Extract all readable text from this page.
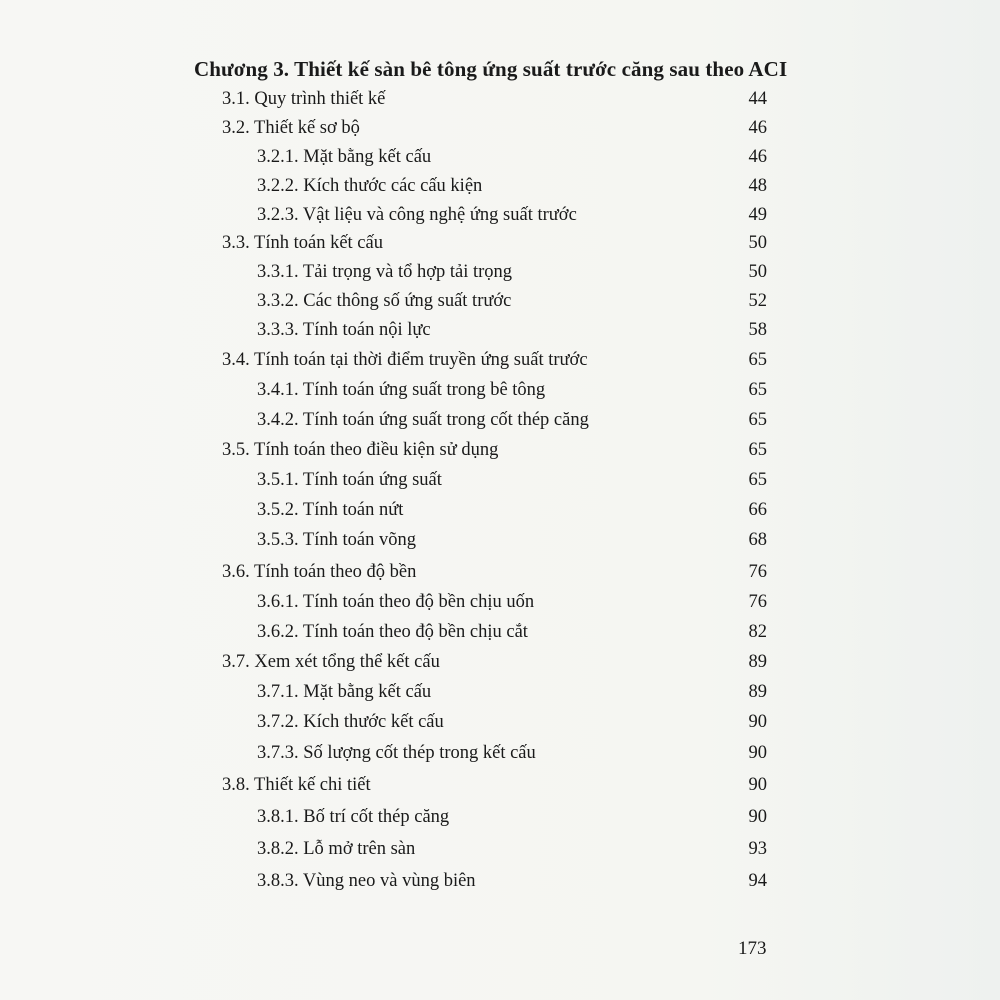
Chương 3. Thiết kế sàn bê tông ứng suất trước căng sau theo ACI
3.1. Quy trình thiết kế	44
3.2. Thiết kế sơ bộ	46
3.2.1. Mặt bằng kết cấu	46
3.2.2. Kích thước các cấu kiện	48
3.2.3. Vật liệu và công nghệ ứng suất trước	49
3.3. Tính toán kết cấu	50
3.3.1. Tải trọng và tổ hợp tải trọng	50
3.3.2. Các thông số ứng suất trước	52
3.3.3. Tính toán nội lực	58
3.4. Tính toán tại thời điểm truyền ứng suất trước	65
3.4.1. Tính toán ứng suất trong bê tông	65
3.4.2. Tính toán ứng suất trong cốt thép căng	65
3.5. Tính toán theo điều kiện sử dụng	65
3.5.1. Tính toán ứng suất	65
3.5.2. Tính toán nứt	66
3.5.3. Tính toán võng	68
3.6. Tính toán theo độ bền	76
3.6.1. Tính toán theo độ bền chịu uốn	76
3.6.2. Tính toán theo độ bền chịu cắt	82
3.7. Xem xét tổng thể kết cấu	89
3.7.1. Mặt bằng kết cấu	89
3.7.2. Kích thước kết cấu	90
3.7.3. Số lượng cốt thép trong kết cấu	90
3.8. Thiết kế chi tiết	90
3.8.1. Bố trí cốt thép căng	90
3.8.2. Lỗ mở trên sàn	93
3.8.3. Vùng neo và vùng biên	94
173
